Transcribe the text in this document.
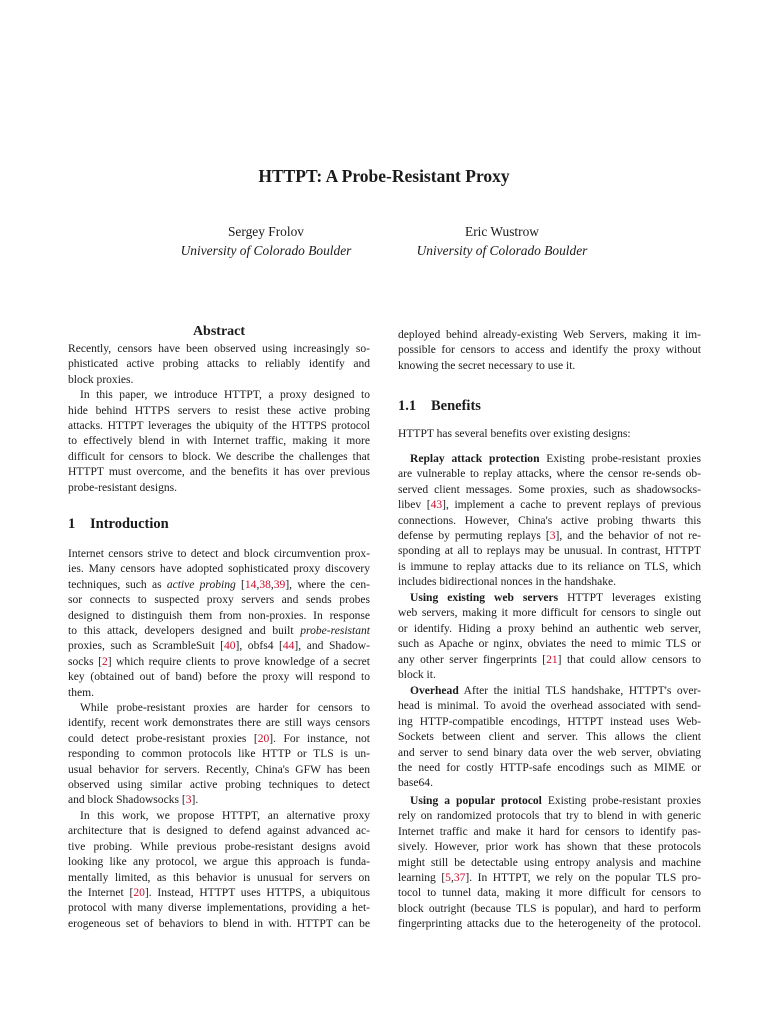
HTTPT: A Probe-Resistant Proxy
Sergey Frolov
University of Colorado Boulder
Eric Wustrow
University of Colorado Boulder
Abstract
Recently, censors have been observed using increasingly so-
phisticated active probing attacks to reliably identify and
block proxies.
In this paper, we introduce HTTPT, a proxy designed to
hide behind HTTPS servers to resist these active probing
attacks. HTTPT leverages the ubiquity of the HTTPS protocol
to effectively blend in with Internet traffic, making it more
difficult for censors to block. We describe the challenges that
HTTPT must overcome, and the benefits it has over previous
probe-resistant designs.
1 Introduction
Internet censors strive to detect and block circumvention prox-
ies. Many censors have adopted sophisticated proxy discovery
techniques, such as active probing [14,38,39], where the cen-
sor connects to suspected proxy servers and sends probes
designed to distinguish them from non-proxies. In response
to this attack, developers designed and built probe-resistant
proxies, such as ScrambleSuit [40], obfs4 [44], and Shadow-
socks [2] which require clients to prove knowledge of a secret
key (obtained out of band) before the proxy will respond to
them.
While probe-resistant proxies are harder for censors to
identify, recent work demonstrates there are still ways censors
could detect probe-resistant proxies [20]. For instance, not
responding to common protocols like HTTP or TLS is un-
usual behavior for servers. Recently, China's GFW has been
observed using similar active probing techniques to detect
and block Shadowsocks [3].
In this work, we propose HTTPT, an alternative proxy
architecture that is designed to defend against advanced ac-
tive probing. While previous probe-resistant designs avoid
looking like any protocol, we argue this approach is funda-
mentally limited, as this behavior is unusual for servers on
the Internet [20]. Instead, HTTPT uses HTTPS, a ubiquitous
protocol with many diverse implementations, providing a het-
erogeneous set of behaviors to blend in with. HTTPT can be
deployed behind already-existing Web Servers, making it im-
possible for censors to access and identify the proxy without
knowing the secret necessary to use it.
1.1 Benefits
HTTPT has several benefits over existing designs:
Replay attack protection Existing probe-resistant proxies
are vulnerable to replay attacks, where the censor re-sends ob-
served client messages. Some proxies, such as shadowsocks-
libev [43], implement a cache to prevent replays of previous
connections. However, China's active probing thwarts this
defense by permuting replays [3], and the behavior of not re-
sponding at all to replays may be unusual. In contrast, HTTPT
is immune to replay attacks due to its reliance on TLS, which
includes bidirectional nonces in the handshake.
Using existing web servers HTTPT leverages existing
web servers, making it more difficult for censors to single out
or identify. Hiding a proxy behind an authentic web server,
such as Apache or nginx, obviates the need to mimic TLS or
any other server fingerprints [21] that could allow censors to
block it.
Overhead After the initial TLS handshake, HTTPT's over-
head is minimal. To avoid the overhead associated with send-
ing HTTP-compatible encodings, HTTPT instead uses Web-
Sockets between client and server. This allows the client
and server to send binary data over the web server, obviating
the need for costly HTTP-safe encodings such as MIME or
base64.
Using a popular protocol Existing probe-resistant proxies
rely on randomized protocols that try to blend in with generic
Internet traffic and make it hard for censors to identify pas-
sively. However, prior work has shown that these protocols
might still be detectable using entropy analysis and machine
learning [5,37]. In HTTPT, we rely on the popular TLS pro-
tocol to tunnel data, making it more difficult for censors to
block outright (because TLS is popular), and hard to perform
fingerprinting attacks due to the heterogeneity of the protocol.
